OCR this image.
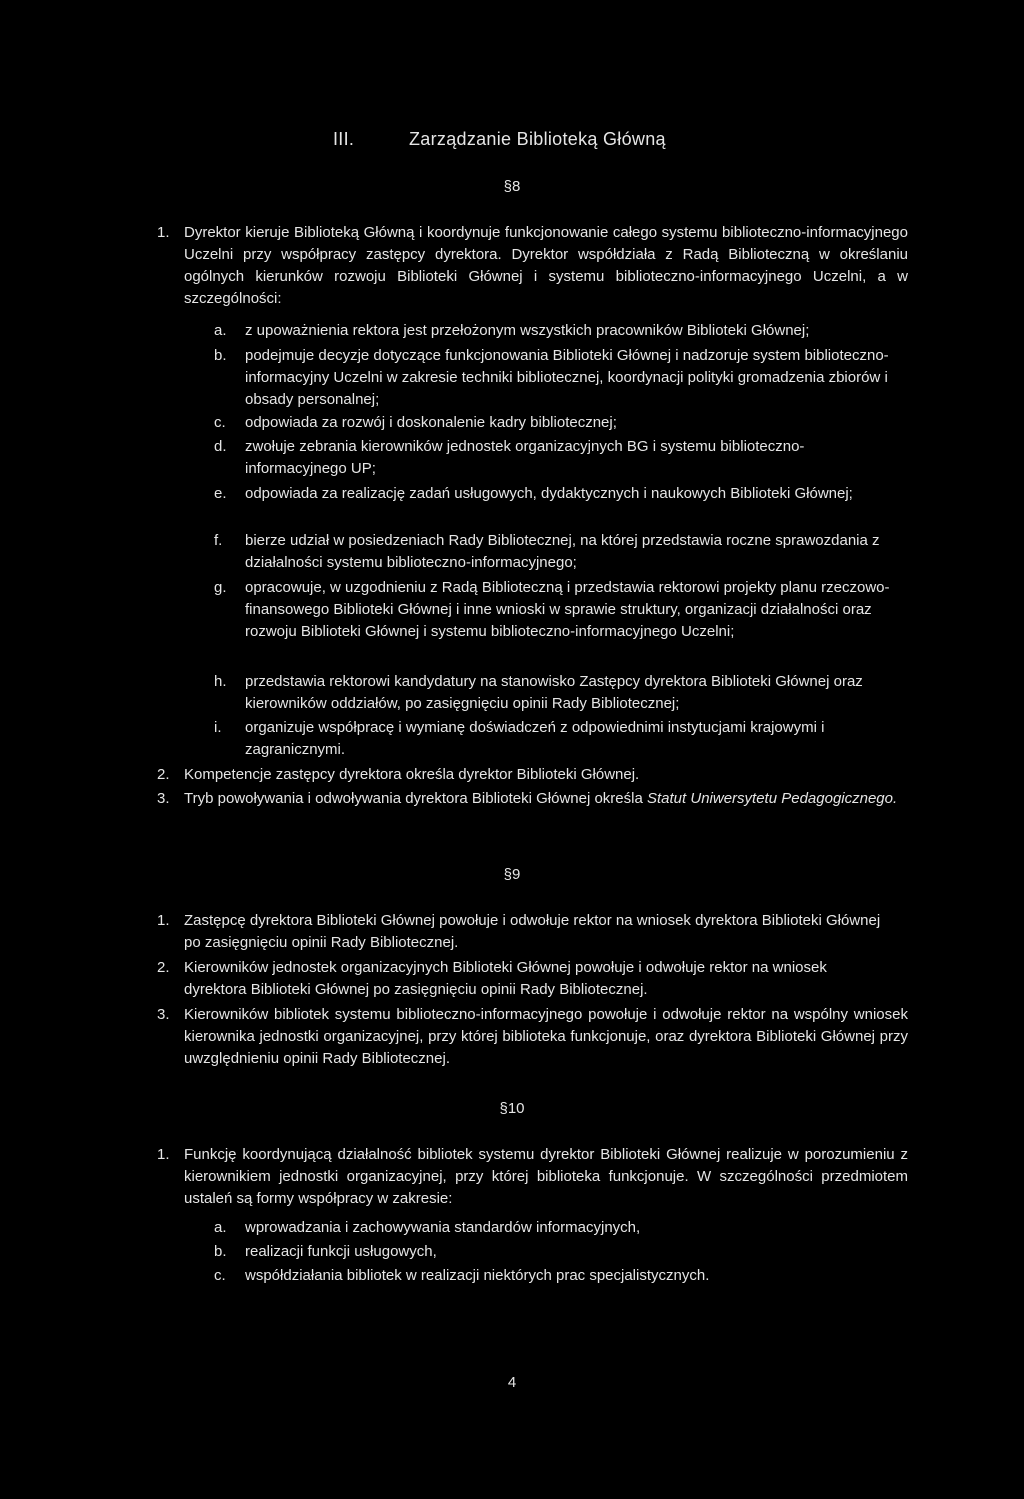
III.	Zarządzanie Biblioteką Główną
§8
1. Dyrektor kieruje Biblioteką Główną i koordynuje funkcjonowanie całego systemu biblioteczno-informacyjnego Uczelni przy współpracy zastępcy dyrektora. Dyrektor współdziała z Radą Biblioteczną w określaniu ogólnych kierunków rozwoju Biblioteki Głównej i systemu biblioteczno-informacyjnego Uczelni, a w szczególności:
a. z upoważnienia rektora jest przełożonym wszystkich pracowników Biblioteki Głównej;
b. podejmuje decyzje dotyczące funkcjonowania Biblioteki Głównej i nadzoruje system biblioteczno-informacyjny Uczelni w zakresie techniki bibliotecznej, koordynacji polityki gromadzenia zbiorów i obsady personalnej;
c. odpowiada za rozwój i doskonalenie kadry bibliotecznej;
d. zwołuje zebrania kierowników jednostek organizacyjnych BG i systemu biblioteczno-informacyjnego UP;
e. odpowiada za realizację zadań usługowych, dydaktycznych i naukowych Biblioteki Głównej;
f. bierze udział w posiedzeniach Rady Bibliotecznej, na której przedstawia roczne sprawozdania z działalności systemu biblioteczno-informacyjnego;
g. opracowuje, w uzgodnieniu z Radą Biblioteczną i przedstawia rektorowi projekty planu rzeczowo-finansowego Biblioteki Głównej i inne wnioski w sprawie struktury, organizacji działalności oraz rozwoju Biblioteki Głównej i systemu biblioteczno-informacyjnego Uczelni;
h. przedstawia rektorowi kandydatury na stanowisko Zastępcy dyrektora Biblioteki Głównej oraz kierowników oddziałów, po zasięgnięciu opinii Rady Bibliotecznej;
i. organizuje współpracę i wymianę doświadczeń z odpowiednimi instytucjami krajowymi i zagranicznymi.
2. Kompetencje zastępcy dyrektora określa dyrektor Biblioteki Głównej.
3. Tryb powoływania i odwoływania dyrektora Biblioteki Głównej określa Statut Uniwersytetu Pedagogicznego.
§9
1. Zastępcę dyrektora Biblioteki Głównej powołuje i odwołuje rektor na wniosek dyrektora Biblioteki Głównej po zasięgnięciu opinii Rady Bibliotecznej.
2. Kierowników jednostek organizacyjnych Biblioteki Głównej powołuje i odwołuje rektor na wniosek dyrektora Biblioteki Głównej po zasięgnięciu opinii Rady Bibliotecznej.
3. Kierowników bibliotek systemu biblioteczno-informacyjnego powołuje i odwołuje rektor na wspólny wniosek kierownika jednostki organizacyjnej, przy której biblioteka funkcjonuje, oraz dyrektora Biblioteki Głównej przy uwzględnieniu opinii Rady Bibliotecznej.
§10
1. Funkcję koordynującą działalność bibliotek systemu dyrektor Biblioteki Głównej realizuje w porozumieniu z kierownikiem jednostki organizacyjnej, przy której biblioteka funkcjonuje. W szczególności przedmiotem ustaleń są formy współpracy w zakresie:
a. wprowadzania i zachowywania standardów informacyjnych,
b. realizacji funkcji usługowych,
c. współdziałania bibliotek w realizacji niektórych prac specjalistycznych.
4
